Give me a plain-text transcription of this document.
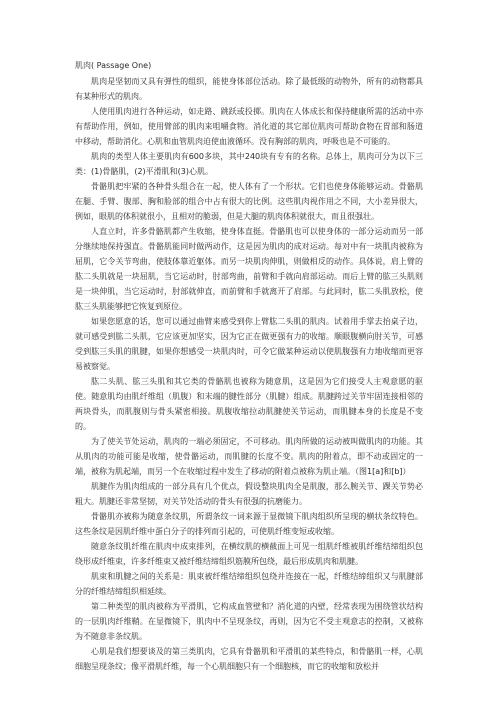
肌肉( Passage One)

肌肉是坚韧而又具有弹性的组织，能使身体部位活动。除了最低级的动物外，所有的动物都具有某种形式的肌肉。

人使用肌肉进行各种运动，如走路、跳跃或投掷。肌肉在人体成长和保持健康所需的活动中亦有帮助作用，例如，使用臂部的肌肉来咀嚼食物。消化道的其它部位肌肉可帮助食物在胃部和肠道中移动，帮助消化。心肌和血管肌肉迫使血液循环。没有胸部的肌肉，呼吸也是不可能的。

肌肉的类型人体主要肌肉有600多块，其中240块有专有的名称。总体上，肌肉可分为以下三类：(1)骨骼肌，(2)平滑肌和(3)心肌。

骨骼肌把牢紧的各种骨头组合在一起，使人体有了一个形状。它们也使身体能够运动。骨骼肌在腿、手臂、腹部、胸和脸部的组合中占有很大的比例。这些肌肉视作用之不同，大小差异很大，例如，眼肌的体积就很小，且相对的脆弱，但是大腿的肌肉体积就很大，而且很强壮。

人直立时，许多骨骼肌都产生收缩，使身体直挺。骨骼肌也可以使身体的一部分运动而另一部分继续地保持强直。骨骼肌能同时做两动作，这是因为肌肉的成对运动。每对中有一块肌肉被称为屈肌，它令关节弯曲，使肢体靠近躯体。而另一块肌肉伸肌，则做相反的动作。具体说，肩上臂的肱二头肌就是一块屈肌，当它运动时，肘部弯曲，前臂和手就向肩部运动。而后上臂的肱三头肌则是一块伸肌，当它运动时，肘部就伸直，而前臂和手就离开了肩部。与此同时，肱二头肌放松，使肱三头肌能够把它恢复到原位。

如果您愿意的话，您可以通过曲臂来感受到你上臂肱二头肌的肌肉。试着用手掌去抬桌子边，就可感受到肱二头肌，它应该更加坚实，因为它正在做更强有力的收缩。顺眼腹横向肘关节，可感受到肱三头肌的肌腱，如果你想感受一块肌肉时，可令它做某种运动以使肌腹强有力地收缩而更容易被察觉。

肱二头肌、肱三头肌和其它类的骨骼肌也被称为随意肌，这是因为它们接受人主观意愿的驱使。随意肌均由肌纤维组（肌腹）和末端的腱性部分（肌腱）组成。肌腱跨过关节牢固连接相邻的两块骨头，而肌腹则与骨头紧密相接。肌腹收缩拉动肌腱使关节运动，而肌腱本身的长度是不变的。

为了使关节处运动，肌肉的一端必须固定，不可移动。肌肉所做的运动被叫做肌肉的功能。其从肌肉的功能可能是收缩，使骨骼运动，而肌腱的长度不变。肌肉的附着点，即不动或固定的一端，被称为肌起端，而另一个在收缩过程中发生了移动的附着点被称为肌止端。（图1[a]和[b]）

肌腱作为肌肉组成的一部分具有几个优点，假设整块肌肉全是肌腹，那么腕关节、踝关节势必粗大。肌腱还非常坚韧，对关节处活动的骨头有很强的抗磨能力。

骨骼肌亦被称为随意条纹肌，所谓条纹一词来源于显微镜下肌肉组织所呈现的横状条纹特色。这些条纹是因肌纤维中蛋白分子的排列而引起的，可使肌纤维变短或收缩。

随意条纹肌纤维在肌肉中成束排列，在横纹肌的横截面上可见一组肌纤维被肌纤维结缔组织包绕形成纤维束，许多纤维束又被纤维结缔组织筋膜所包绕，最后形成肌肉和肌腱。

肌束和肌腱之间的关系是：肌束被纤维结缔组织包绕并连接在一起，纤维结缔组织又与肌腱部分的纤维结缔组织相延续。

第二种类型的肌肉被称为平滑肌，它构成血管壁和？消化道的内壁，经常表现为围绕管状结构的一层肌肉纤维鞘。在显微镜下，肌肉中不呈现条纹，再则，因为它不受主观意志的控制，又被称为不随意非条纹肌。

心肌是我们想要谈及的第三类肌肉，它具有骨骼肌和平滑肌的某些特点，和骨骼肌一样，心肌细胞呈现条纹；像平滑肌纤维，每一个心肌细胞只有一个细胞核，而它的收缩和放松并
